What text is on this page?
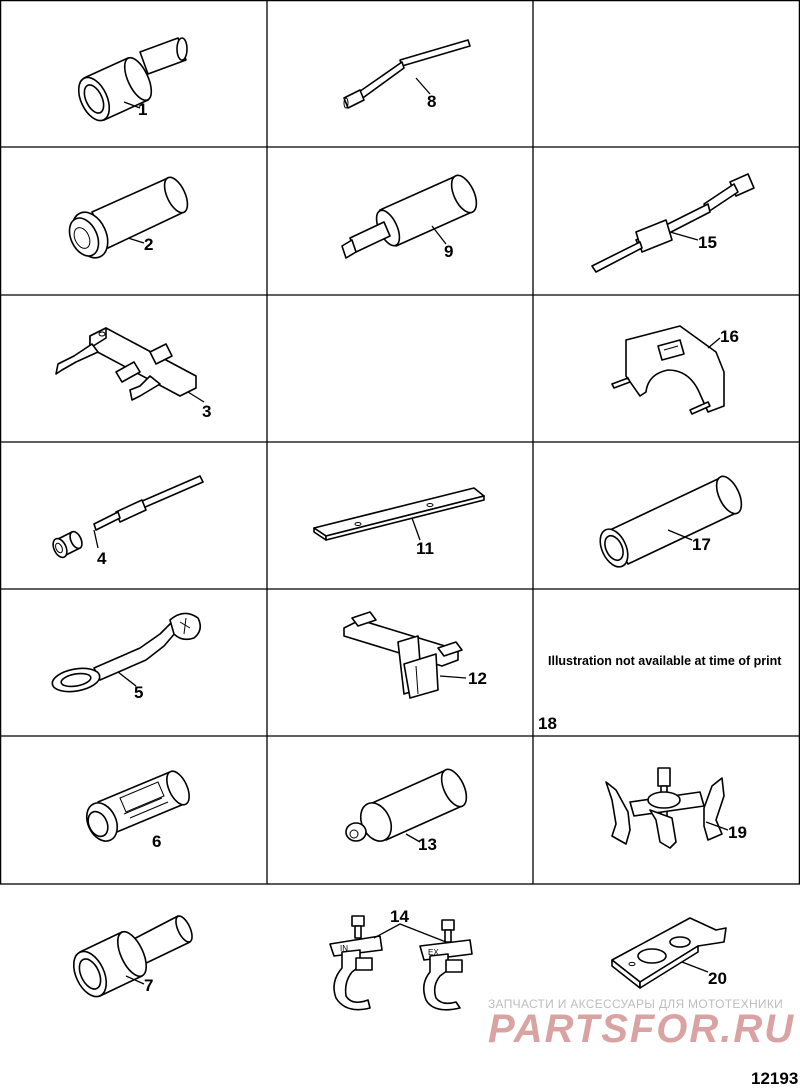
1
2
3
4
5
6
7
8
9
11
12
13
IN	EX
14
15
16
17
Illustration not available at time of print
18
19
20
ЗАПЧАСТИ И АКСЕССУАРЫ ДЛЯ МОТОТЕХНИКИ
PARTSFOR.RU
12193
